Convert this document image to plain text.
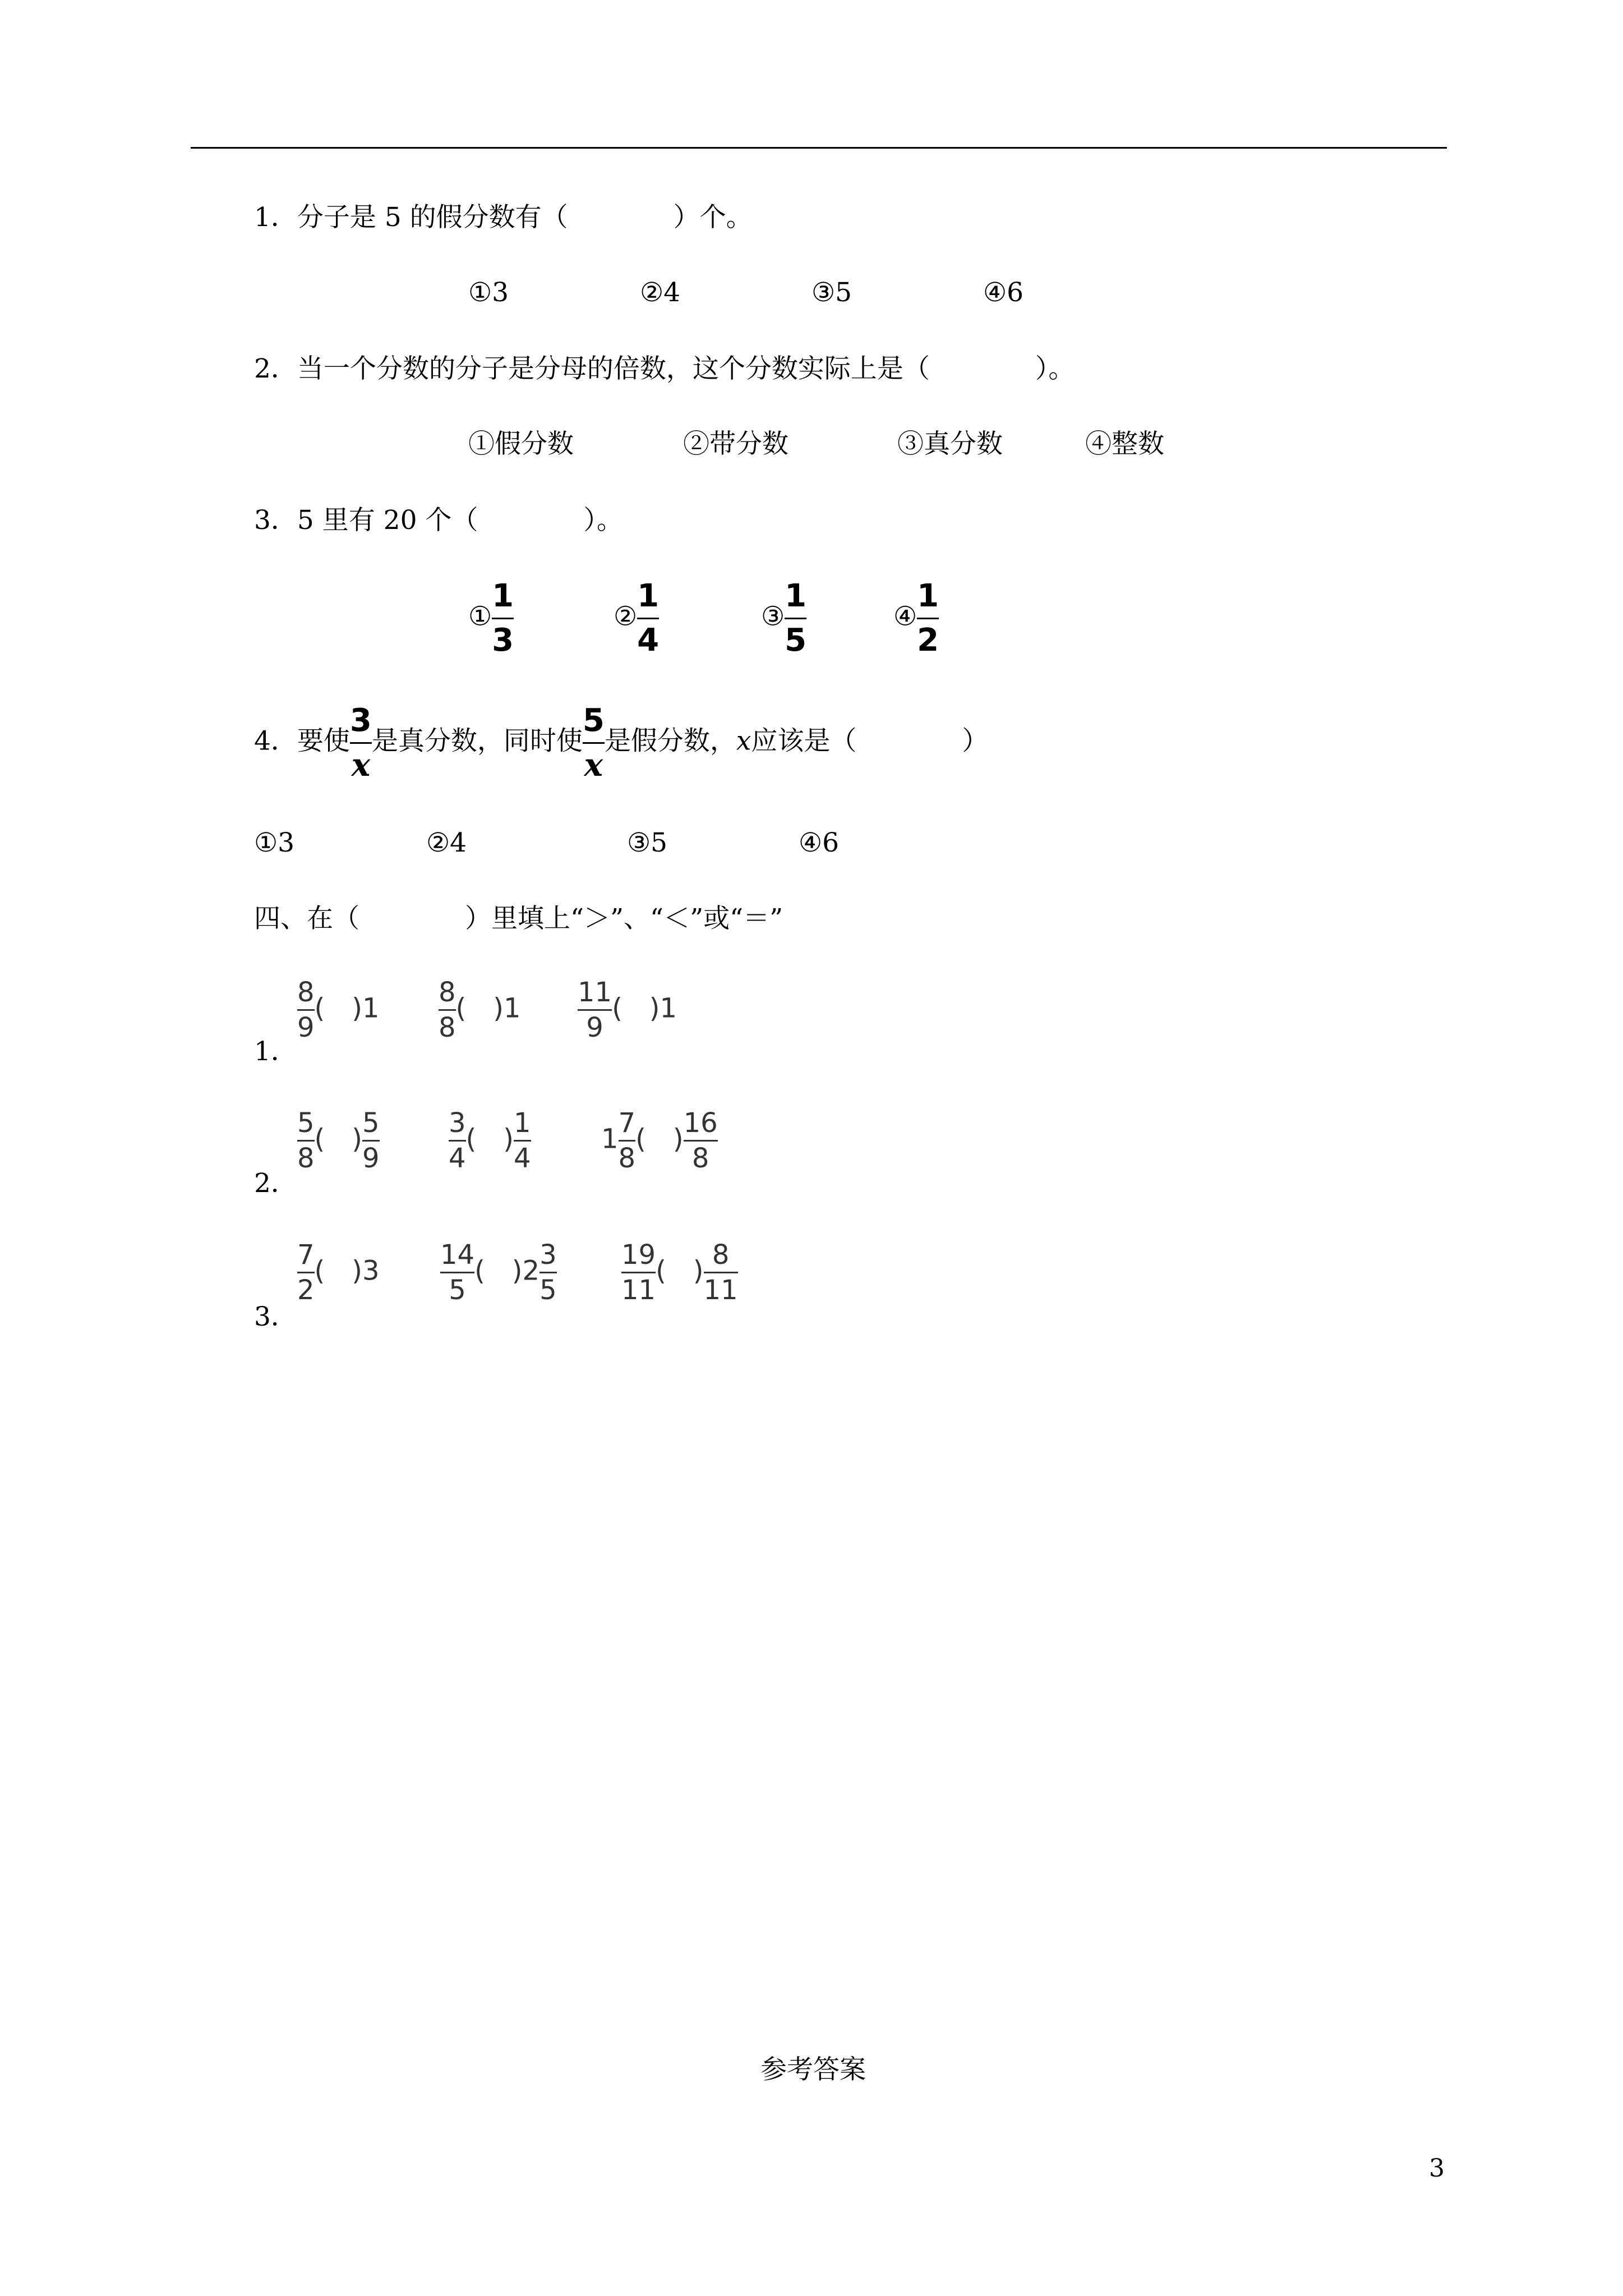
1．分子是 5 的假分数有（　　　　）个。
①3	②4	③5	④6
2．当一个分数的分子是分母的倍数，这个分数实际上是（　　　　）。
①假分数	②带分数	③真分数	④整数
3．5 里有 20 个（　　　　）。
① $\frac{1}{3}$	② $\frac{1}{4}$	③ $\frac{1}{5}$	④ $\frac{1}{2}$
4．要使 $\frac{3}{x}$ 是真分数，同时使 $\frac{5}{x}$ 是假分数，x应该是（　　　　）
①3	②4	③5	④6
四、在（　　　　）里填上“＞”、“＜”或“＝”
1．
$\frac{8}{9}$ (　)$1 \frac{8}{8}$ (　)$1 \frac{11}{9}$ (　)1
2．
$\frac{5}{8}$ (　) $\frac{5}{9}$	$\frac{3}{4}$ (　) $\frac{1}{4}$	$1 \frac{7}{8}$ (　) $\frac{16}{8}$
3．
$\frac{7}{2}$ (　)$3 \frac{14}{5}$ (　)$2 \frac{3}{5} \frac{19}{11}$ (　) $\frac{8}{11}$
参考答案
3
